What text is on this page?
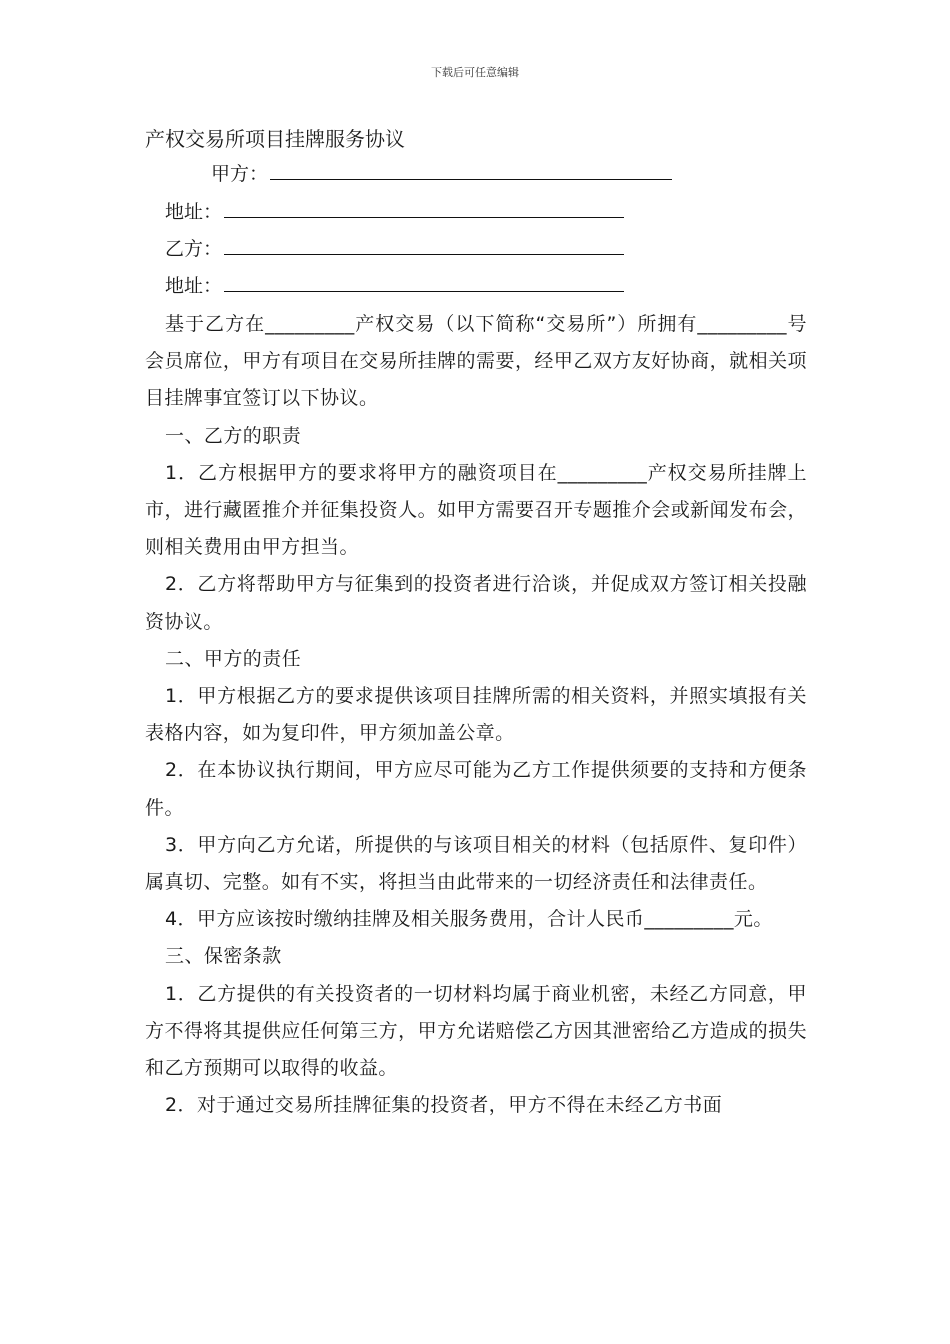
下载后可任意编辑
产权交易所项目挂牌服务协议
甲方：
地址：
乙方：
地址：

基于乙方在_________产权交易（以下简称“交易所”）所拥有_________号会员席位，甲方有项目在交易所挂牌的需要，经甲乙双方友好协商，就相关项目挂牌事宜签订以下协议。

一、乙方的职责

1．乙方根据甲方的要求将甲方的融资项目在_________产权交易所挂牌上市，进行藏匿推介并征集投资人。如甲方需要召开专题推介会或新闻发布会，则相关费用由甲方担当。

2．乙方将帮助甲方与征集到的投资者进行洽谈，并促成双方签订相关投融资协议。

二、甲方的责任

1．甲方根据乙方的要求提供该项目挂牌所需的相关资料，并照实填报有关表格内容，如为复印件，甲方须加盖公章。

2．在本协议执行期间，甲方应尽可能为乙方工作提供须要的支持和方便条件。

3．甲方向乙方允诺，所提供的与该项目相关的材料（包括原件、复印件）属真切、完整。如有不实，将担当由此带来的一切经济责任和法律责任。

4．甲方应该按时缴纳挂牌及相关服务费用，合计人民币_________元。

三、保密条款

1．乙方提供的有关投资者的一切材料均属于商业机密，未经乙方同意，甲方不得将其提供应任何第三方，甲方允诺赔偿乙方因其泄密给乙方造成的损失和乙方预期可以取得的收益。

2．对于通过交易所挂牌征集的投资者，甲方不得在未经乙方书面
